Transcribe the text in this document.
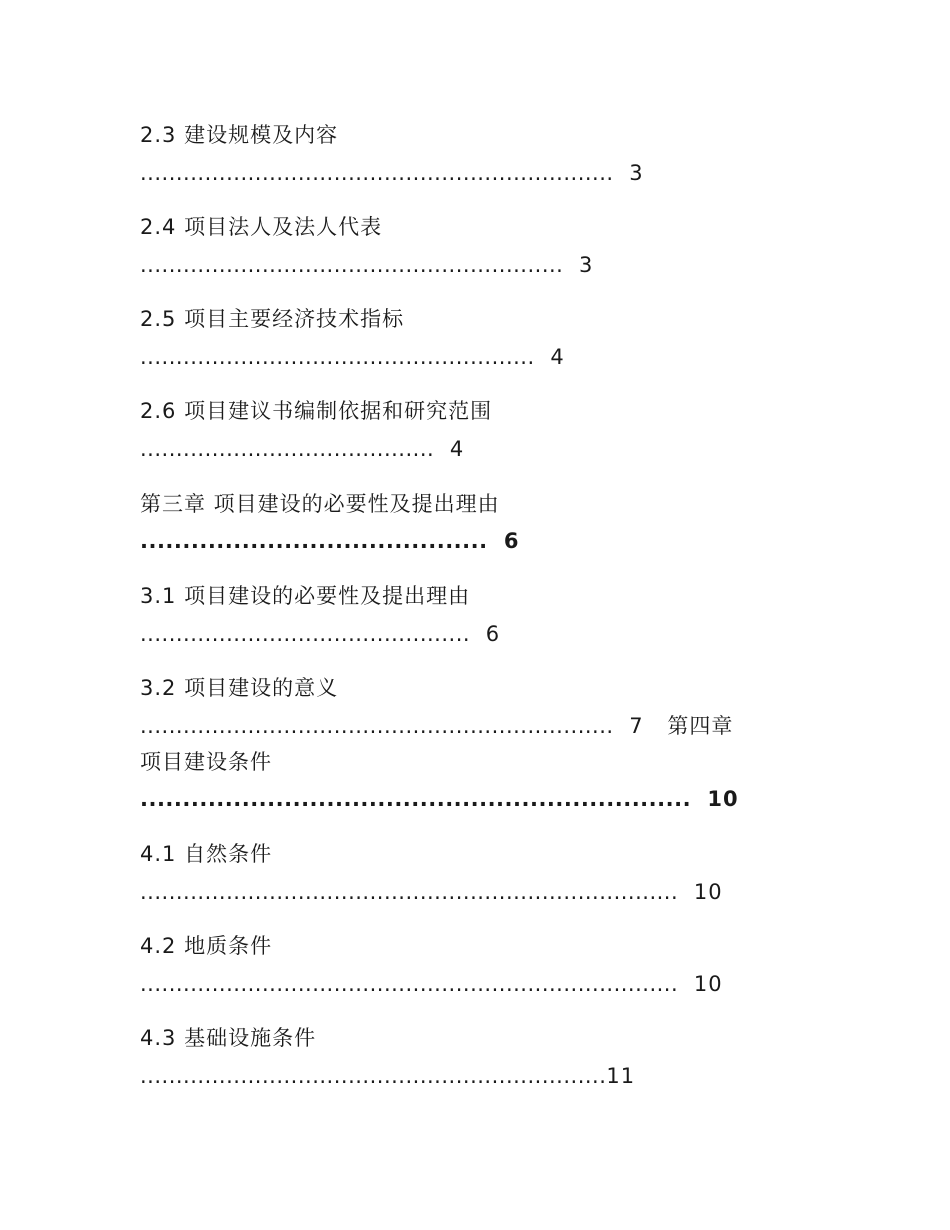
2.3 建设规模及内容
.................................................................. 3
2.4 项目法人及法人代表
........................................................... 3
2.5 项目主要经济技术指标
....................................................... 4
2.6 项目建议书编制依据和研究范围
......................................... 4
第三章 项目建设的必要性及提出理由
......................................... 6
3.1 项目建设的必要性及提出理由
.............................................. 6
3.2 项目建设的意义
.................................................................. 7 第四章
项目建设条件
................................................................. 10
4.1 自然条件
........................................................................... 10
4.2 地质条件
........................................................................... 10
4.3 基础设施条件
.................................................................11
